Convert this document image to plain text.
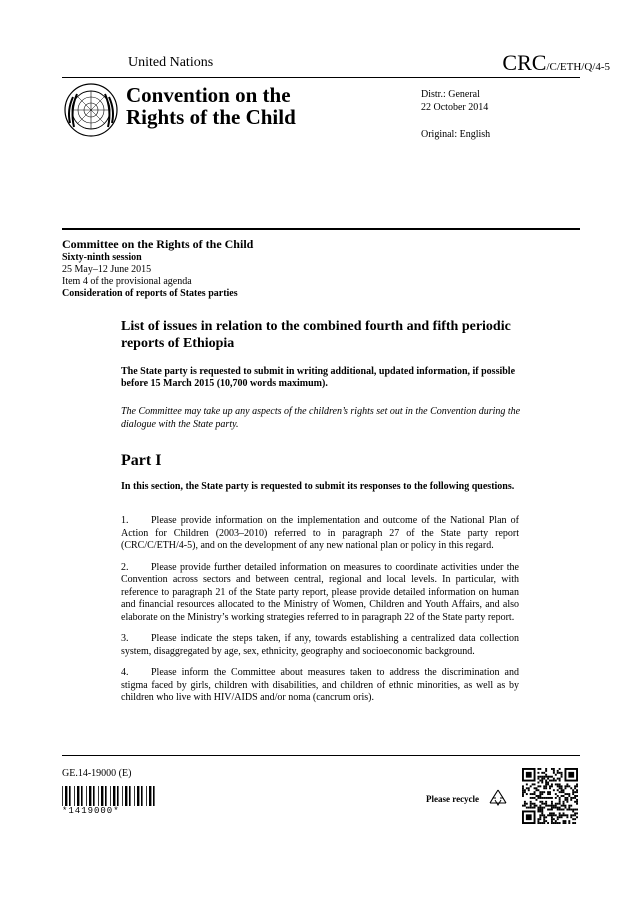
United Nations	CRC/C/ETH/Q/4-5
Convention on the
Rights of the Child
Distr.: General
22 October 2014
Original: English
Committee on the Rights of the Child
Sixty-ninth session
25 May–12 June 2015
Item 4 of the provisional agenda
Consideration of reports of States parties
List of issues in relation to the combined fourth and fifth periodic reports of Ethiopia
The State party is requested to submit in writing additional, updated information, if possible before 15 March 2015 (10,700 words maximum).
The Committee may take up any aspects of the children’s rights set out in the Convention during the dialogue with the State party.
Part I
In this section, the State party is requested to submit its responses to the following questions.

1. Please provide information on the implementation and outcome of the National Plan of Action for Children (2003–2010) referred to in paragraph 27 of the State party report (CRC/C/ETH/4-5), and on the development of any new national plan or policy in this regard.

2. Please provide further detailed information on measures to coordinate activities under the Convention across sectors and between central, regional and local levels. In particular, with reference to paragraph 21 of the State party report, please provide detailed information on human and financial resources allocated to the Ministry of Women, Children and Youth Affairs, and also elaborate on the Ministry’s working strategies referred to in paragraph 22 of the State party report.

3. Please indicate the steps taken, if any, towards establishing a centralized data collection system, disaggregated by age, sex, ethnicity, geography and socioeconomic background.

4. Please inform the Committee about measures taken to address the discrimination and stigma faced by girls, children with disabilities, and children of ethnic minorities, as well as by children who live with HIV/AIDS and/or noma (cancrum oris).

GE.14-19000 (E)
*1419000*
Please recycle
